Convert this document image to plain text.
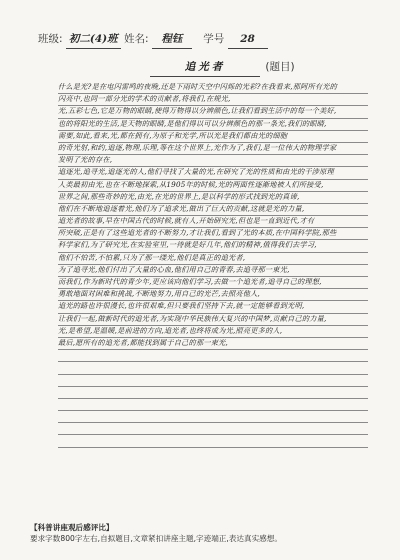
班级: 初二(4)班 姓名: 程钰 学号 28
追光者	(题目)
什么是光?是在电闪雷鸣的夜晚,还是下雨时天空中闪烁的光彩?在我看来,那阿所有光的
闪亮中,也同一部分光的学术的贡献者,将我们,在规光,
光,五彩七色,它是万物的眼睛,使得万物得以分辨颜色,让我们看到生活中的每一个美好,
也的将阳光的生活,是天物的眼睛,是他们得以可以分辨颜色的那一条光,我们的眼睛,
需要,如此,看来,光,都在拥有,为原子和光学,所以光是我们都由光的细胞
的奇光射,和约,追逐,物理,乐理,等在这个世界上,光作为了,我们,是一位伟大的物理学家
发明了光的存在,
追逐光,追寻光,追逐光的人,他们寻找了大量的光,在研究了光的性质和由光的干涉原理
人类最初由光,也在不断地探索,从1905年的时候,光的两面性逐渐地被人们所接受,
世界之间,那些奇妙的光,由光,在光的世界上,是以科学的形式找到光的真谛,
他们在不断地追逐着光,他们为了追求光,做出了巨大的贡献,这就是光的力量,
追光者的故事,早在中国古代的时候,就有人,开始研究光,但也是一直到近代,才有
所突破,正是有了这些追光者的不断努力,才让我们,看到了光的本质,在中国科学院,那些
科学家们,为了研究光,在实验室里,一待就是好几年,他们的精神,值得我们去学习,
他们不怕苦,不怕累,只为了那一缕光,他们是真正的追光者,
为了追寻光,他们付出了大量的心血,他们用自己的青春,去追寻那一束光,
而我们,作为新时代的青少年,更应该向他们学习,去做一个追光者,追寻自己的理想,
勇敢地面对困难和挑战,不断地努力,用自己的光芒,去照亮他人,
追光的路也许很漫长,也许很艰难,但只要我们坚持下去,就一定能够看到光明,
让我们一起,做新时代的追光者,为实现中华民族伟大复兴的中国梦,贡献自己的力量,
光,是希望,是温暖,是前进的方向,追光者,也终将成为光,照亮更多的人,
最后,愿所有的追光者,都能找到属于自己的那一束光,
【科普讲座观后感评比】
要求字数800字左右,自拟题目,文章紧扣讲座主题,字迹端正,表达真实感想。
